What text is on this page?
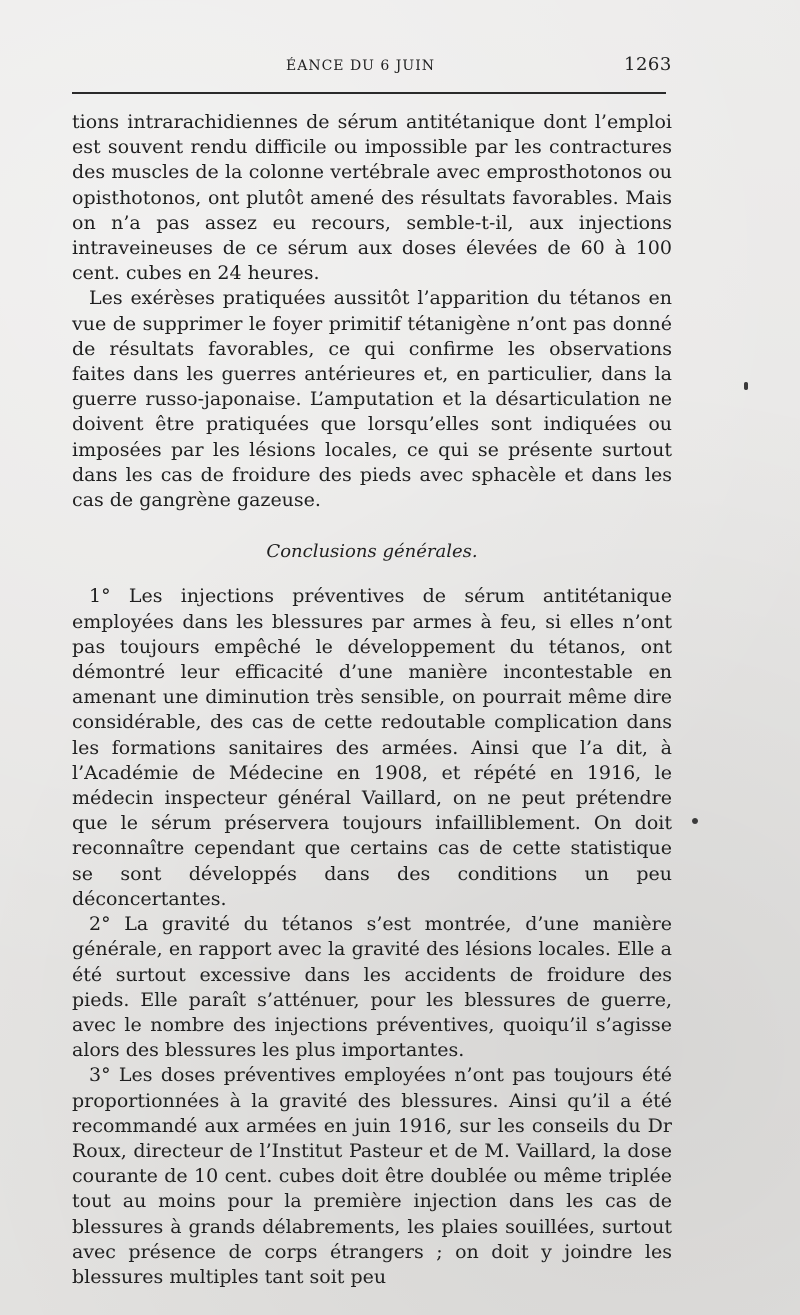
ÉANCE DU 6 JUIN	1263

tions intrarachidiennes de sérum antitétanique dont l’emploi est souvent rendu difficile ou impossible par les contractures des muscles de la colonne vertébrale avec emprosthotonos ou opisthotonos, ont plutôt amené des résultats favorables. Mais on n’a pas assez eu recours, semble-t-il, aux injections intraveineuses de ce sérum aux doses élevées de 60 à 100 cent. cubes en 24 heures.

Les exérèses pratiquées aussitôt l’apparition du tétanos en vue de supprimer le foyer primitif tétanigène n’ont pas donné de résultats favorables, ce qui confirme les observations faites dans les guerres antérieures et, en particulier, dans la guerre russo-japonaise. L’amputation et la désarticulation ne doivent être pratiquées que lorsqu’elles sont indiquées ou imposées par les lésions locales, ce qui se présente surtout dans les cas de froidure des pieds avec sphacèle et dans les cas de gangrène gazeuse.

Conclusions générales.

1° Les injections préventives de sérum antitétanique employées dans les blessures par armes à feu, si elles n’ont pas toujours empêché le développement du tétanos, ont démontré leur efficacité d’une manière incontestable en amenant une diminution très sensible, on pourrait même dire considérable, des cas de cette redoutable complication dans les formations sanitaires des armées. Ainsi que l’a dit, à l’Académie de Médecine en 1908, et répété en 1916, le médecin inspecteur général Vaillard, on ne peut prétendre que le sérum préservera toujours infailliblement. On doit reconnaître cependant que certains cas de cette statistique se sont développés dans des conditions un peu déconcertantes.

2° La gravité du tétanos s’est montrée, d’une manière générale, en rapport avec la gravité des lésions locales. Elle a été surtout excessive dans les accidents de froidure des pieds. Elle paraît s’atténuer, pour les blessures de guerre, avec le nombre des injections préventives, quoiqu’il s’agisse alors des blessures les plus importantes.

3° Les doses préventives employées n’ont pas toujours été proportionnées à la gravité des blessures. Ainsi qu’il a été recommandé aux armées en juin 1916, sur les conseils du Dr Roux, directeur de l’Institut Pasteur et de M. Vaillard, la dose courante de 10 cent. cubes doit être doublée ou même triplée tout au moins pour la première injection dans les cas de blessures à grands délabrements, les plaies souillées, surtout avec présence de corps étrangers ; on doit y joindre les blessures multiples tant soit peu
